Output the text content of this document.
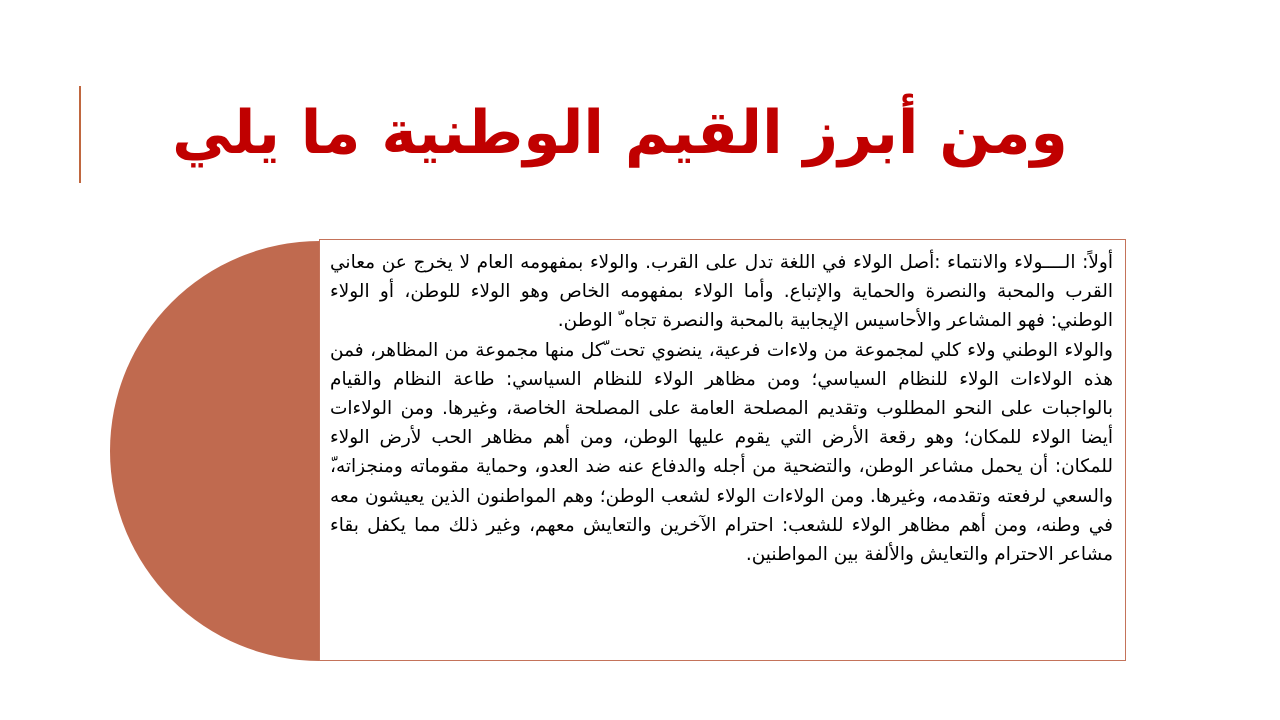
ومن أبرز القيم الوطنية ما يلي

أولاً: الــــولاء والانتماء :أصل الولاء في اللغة تدل على القرب. والولاء بمفهومه العام لا يخرج عن معاني القرب والمحبة والنصرة والحماية والإتباع. وأما الولاء بمفهومه الخاص وهو الولاء للوطن، أو الولاء الوطني: فهو المشاعر والأحاسيس الإيجابية بالمحبة والنصرة تجاه ّ الوطن.

والولاء الوطني ولاء كلي لمجموعة من ولاءات فرعية، ينضوي تحت ّكل منها مجموعة من المظاهر، فمن هذه الولاءات الولاء للنظام السياسي؛ ومن مظاهر الولاء للنظام السياسي: طاعة النظام والقيام بالواجبات على النحو المطلوب وتقديم المصلحة العامة على المصلحة الخاصة، وغيرها. ومن الولاءات أيضا الولاء للمكان؛ وهو رقعة الأرض التي يقوم عليها الوطن، ومن أهم مظاهر الحب لأرض الولاء للمكان: أن يحمل مشاعر الوطن، والتضحية من أجله والدفاع عنه ضد العدو، وحماية مقوماته ومنجزاته،ّ والسعي لرفعته وتقدمه، وغيرها. ومن الولاءات الولاء لشعب الوطن؛ وهم المواطنون الذين يعيشون معه في وطنه، ومن أهم مظاهر الولاء للشعب: احترام الآخرين والتعايش معهم، وغير ذلك مما يكفل بقاء مشاعر الاحترام والتعايش والألفة بين المواطنين.
